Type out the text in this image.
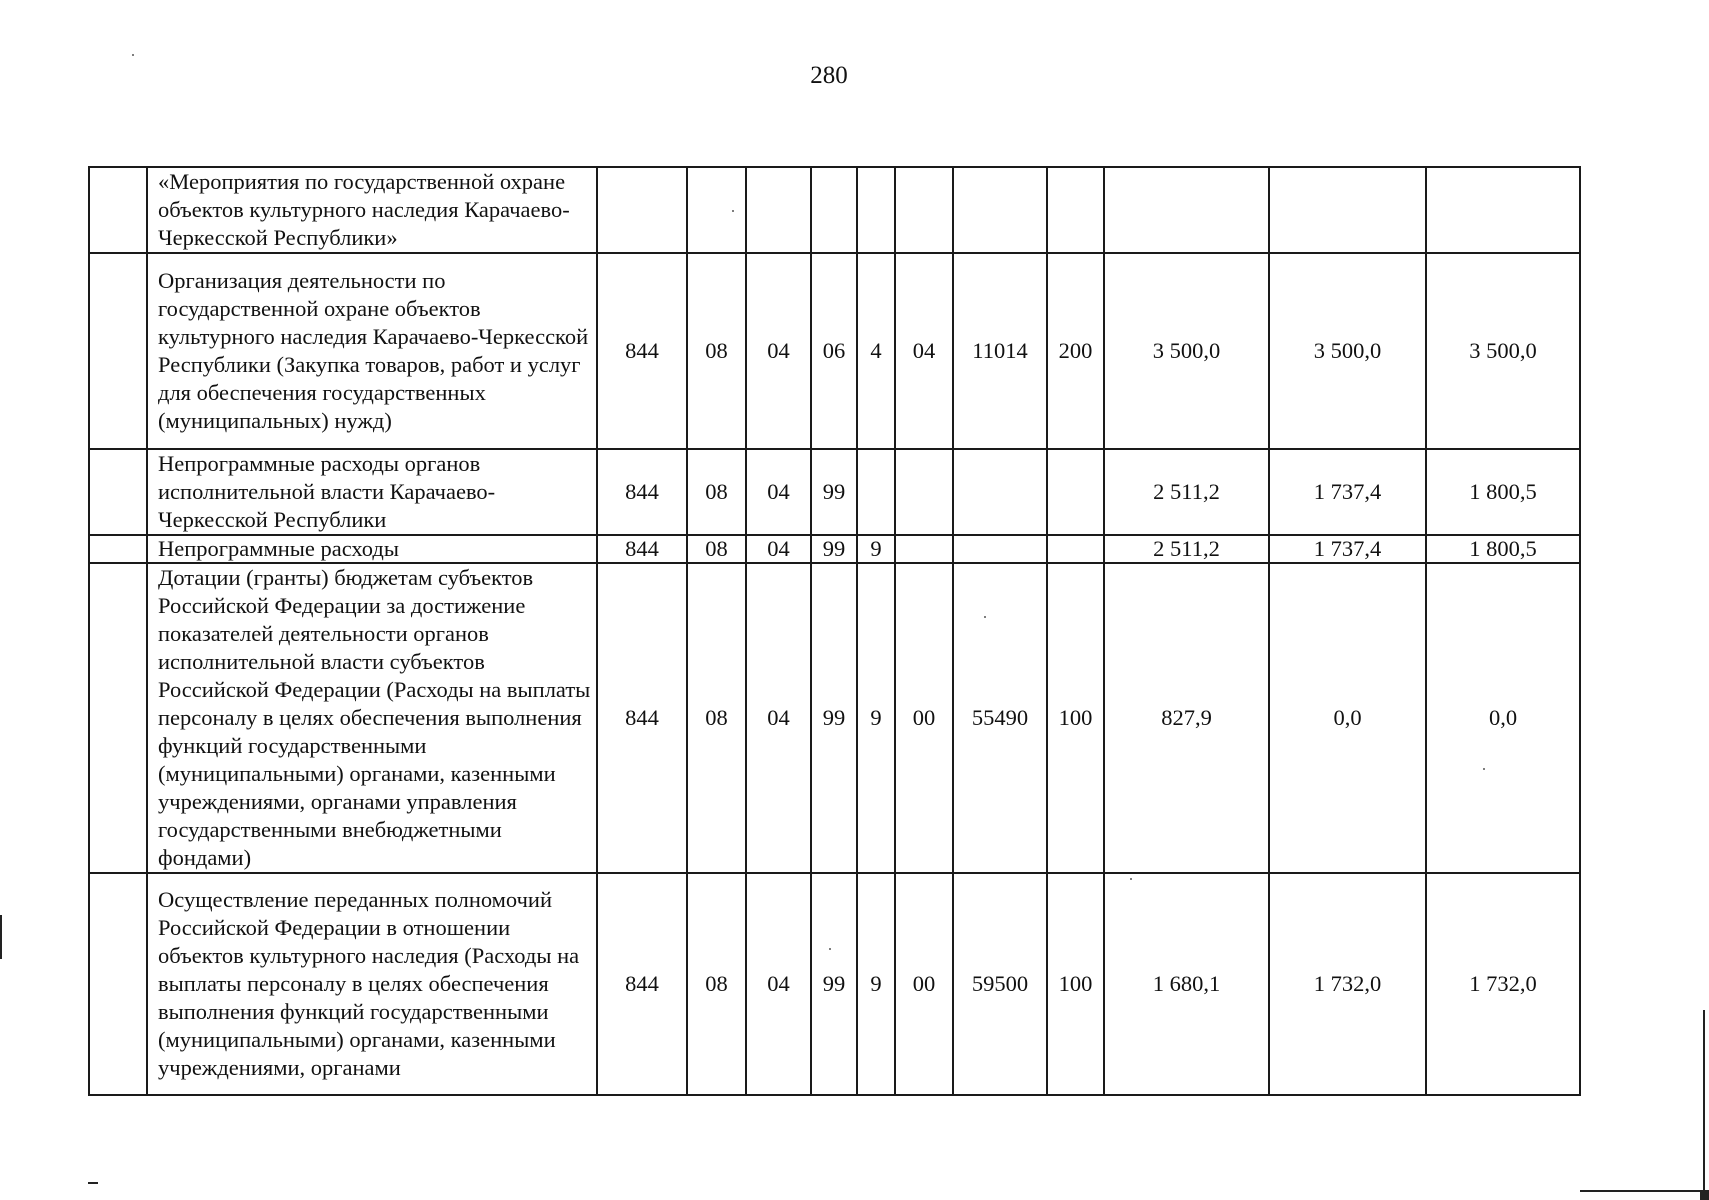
280
	«Мероприятия по государственной охране объектов культурного наследия Карачаево-Черкесской Республики»											
	Организация деятельности по государственной охране объектов культурного наследия Карачаево-Черкесской Республики (Закупка товаров, работ и услуг для обеспечения государственных (муниципальных) нужд)	844	08	04	06	4	04	11014	200	3 500,0	3 500,0	3 500,0
	Непрограммные расходы органов исполнительной власти Карачаево-Черкесской Республики	844	08	04	99					2 511,2	1 737,4	1 800,5
	Непрограммные расходы	844	08	04	99	9				2 511,2	1 737,4	1 800,5
	Дотации (гранты) бюджетам субъектов Российской Федерации за достижение показателей деятельности органов исполнительной власти субъектов Российской Федерации (Расходы на выплаты персоналу в целях обеспечения выполнения функций государственными (муниципальными) органами, казенными учреждениями, органами управления государственными внебюджетными фондами)	844	08	04	99	9	00	55490	100	827,9	0,0	0,0
	Осуществление переданных полномочий Российской Федерации в отношении объектов культурного наследия (Расходы на выплаты персоналу в целях обеспечения выполнения функций государственными (муниципальными) органами, казенными учреждениями, органами	844	08	04	99	9	00	59500	100	1 680,1	1 732,0	1 732,0
